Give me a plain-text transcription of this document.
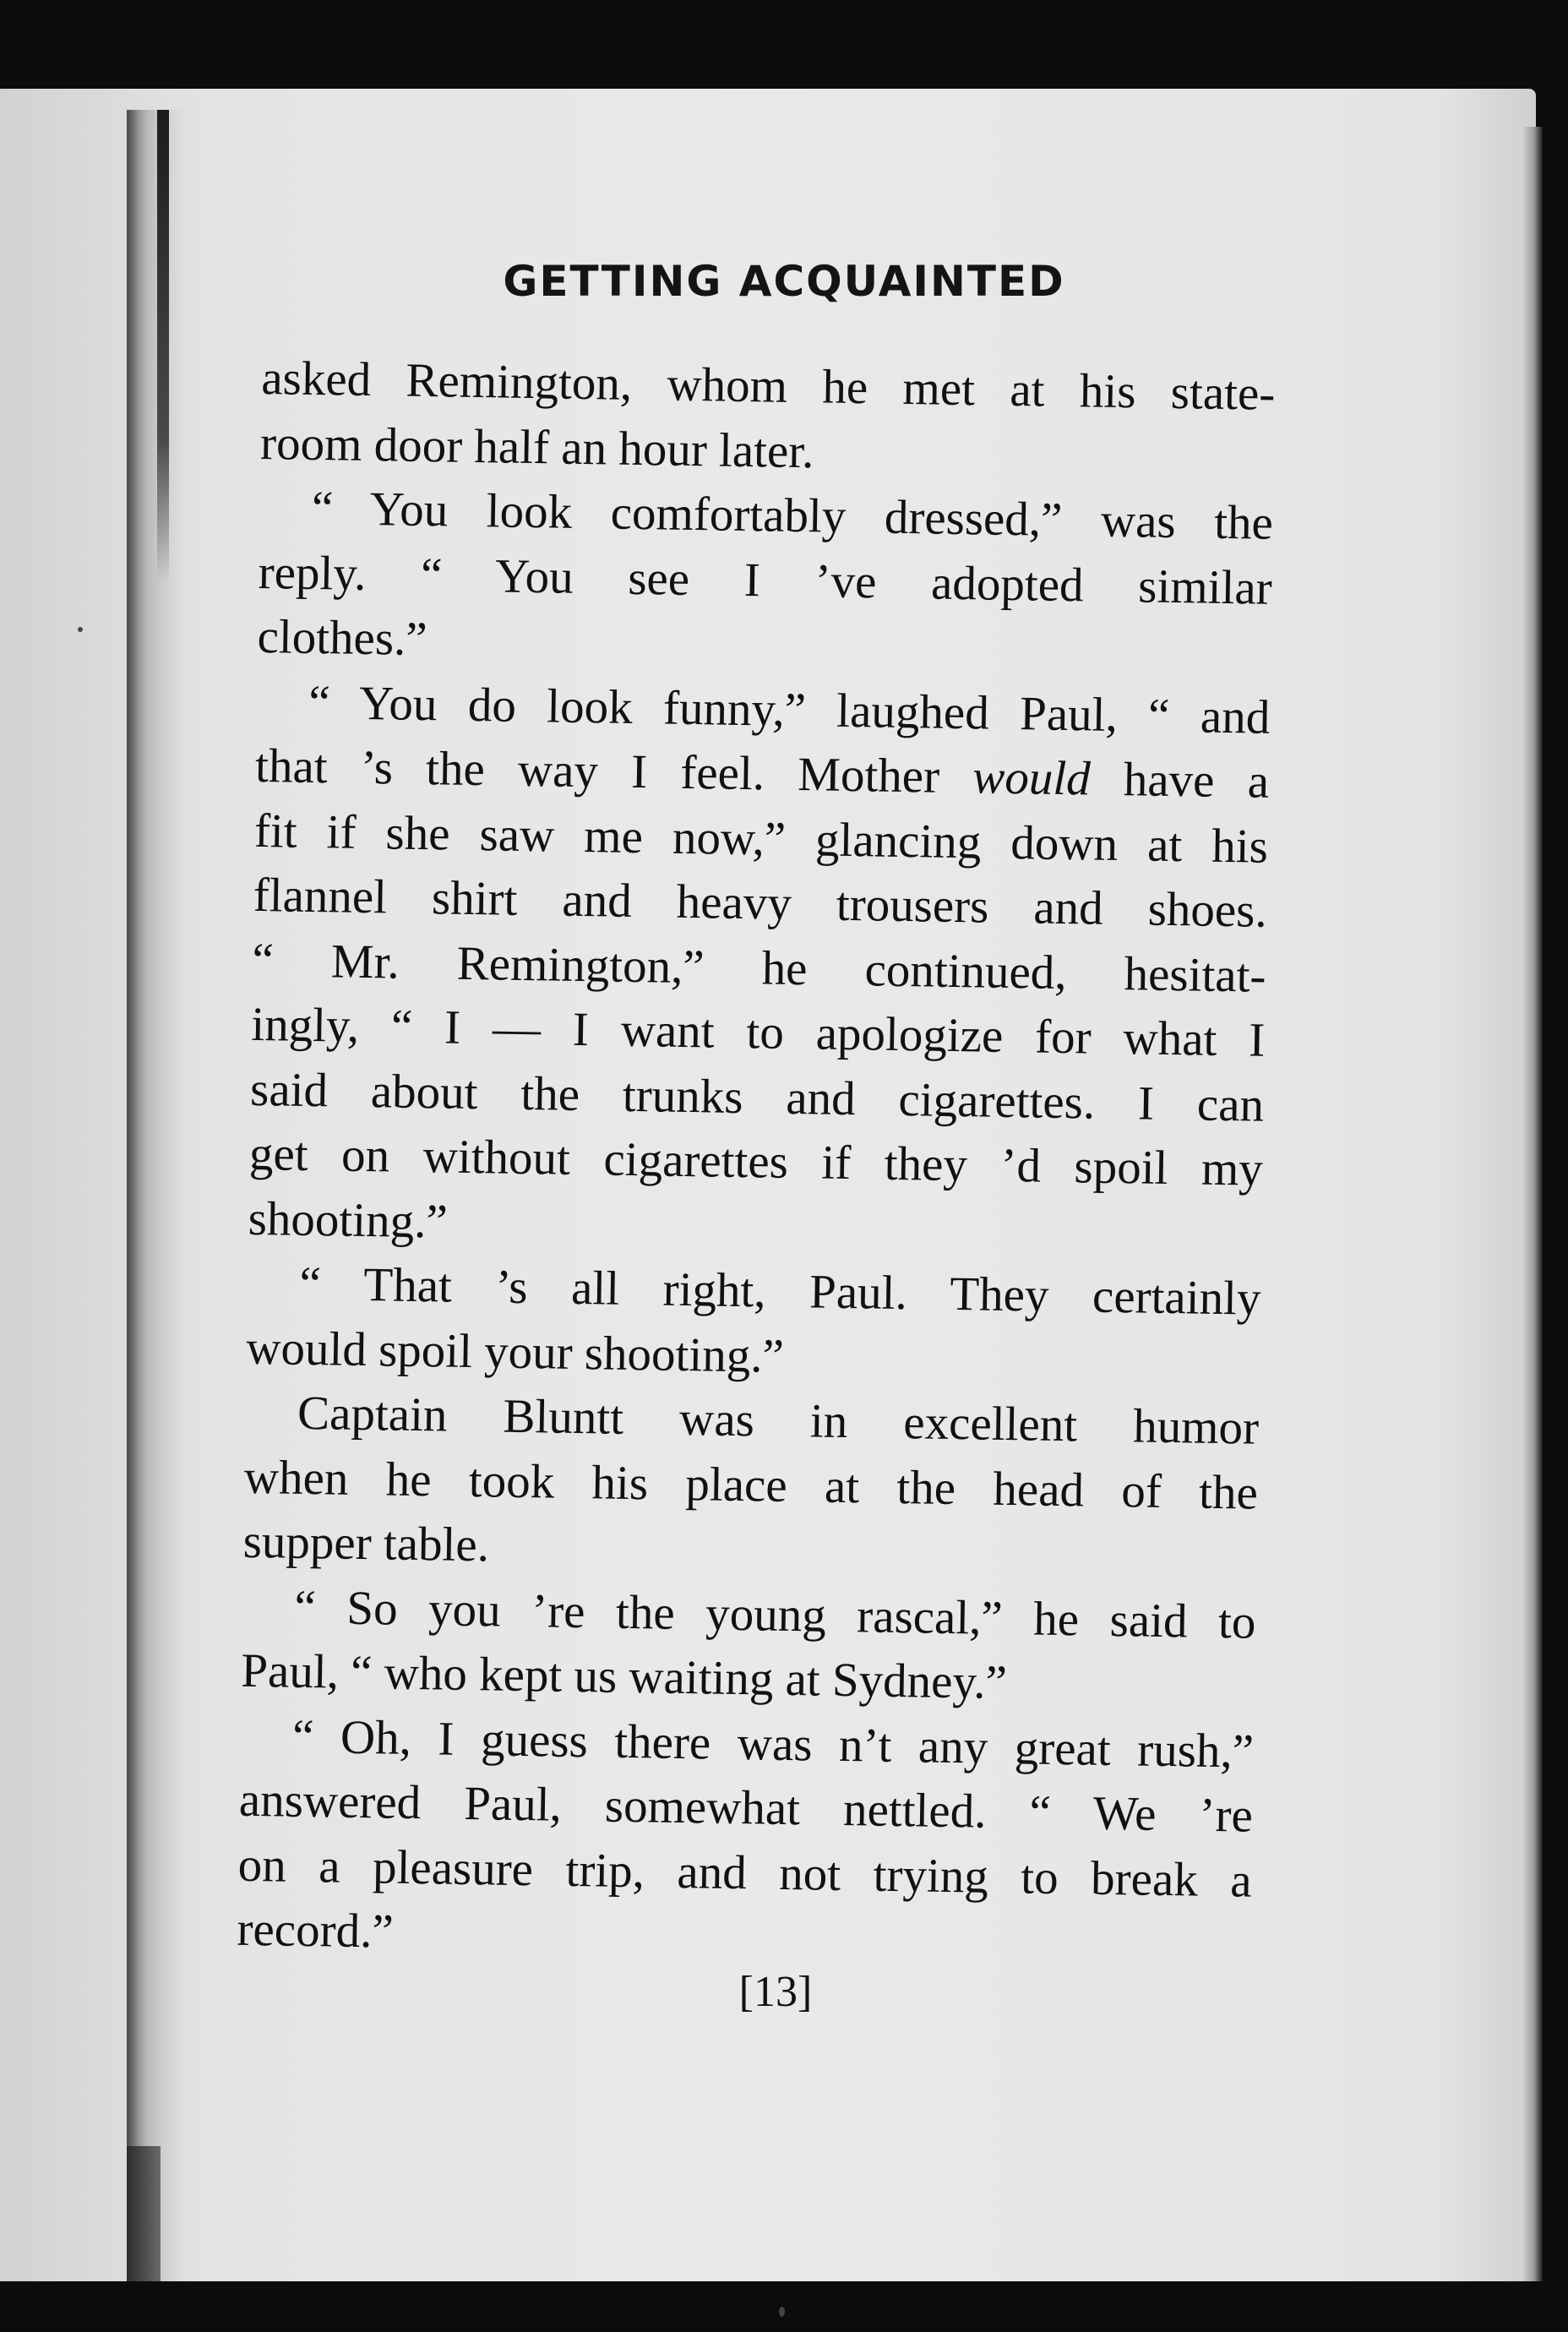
GETTING ACQUAINTED
asked Remington, whom he met at his state-
room door half an hour later.
“ You look comfortably dressed,” was the
reply. “ You see I ’ve adopted similar
clothes.”
“ You do look funny,” laughed Paul, “ and
that ’s the way I feel. Mother would have a
fit if she saw me now,” glancing down at his
flannel shirt and heavy trousers and shoes.
“ Mr. Remington,” he continued, hesitat-
ingly, “ I — I want to apologize for what I
said about the trunks and cigarettes. I can
get on without cigarettes if they ’d spoil my
shooting.”
“ That ’s all right, Paul. They certainly
would spoil your shooting.”
Captain Bluntt was in excellent humor
when he took his place at the head of the
supper table.
“ So you ’re the young rascal,” he said to
Paul, “ who kept us waiting at Sydney.”
“ Oh, I guess there was n’t any great rush,”
answered Paul, somewhat nettled. “ We ’re
on a pleasure trip, and not trying to break a
record.”
[13]
